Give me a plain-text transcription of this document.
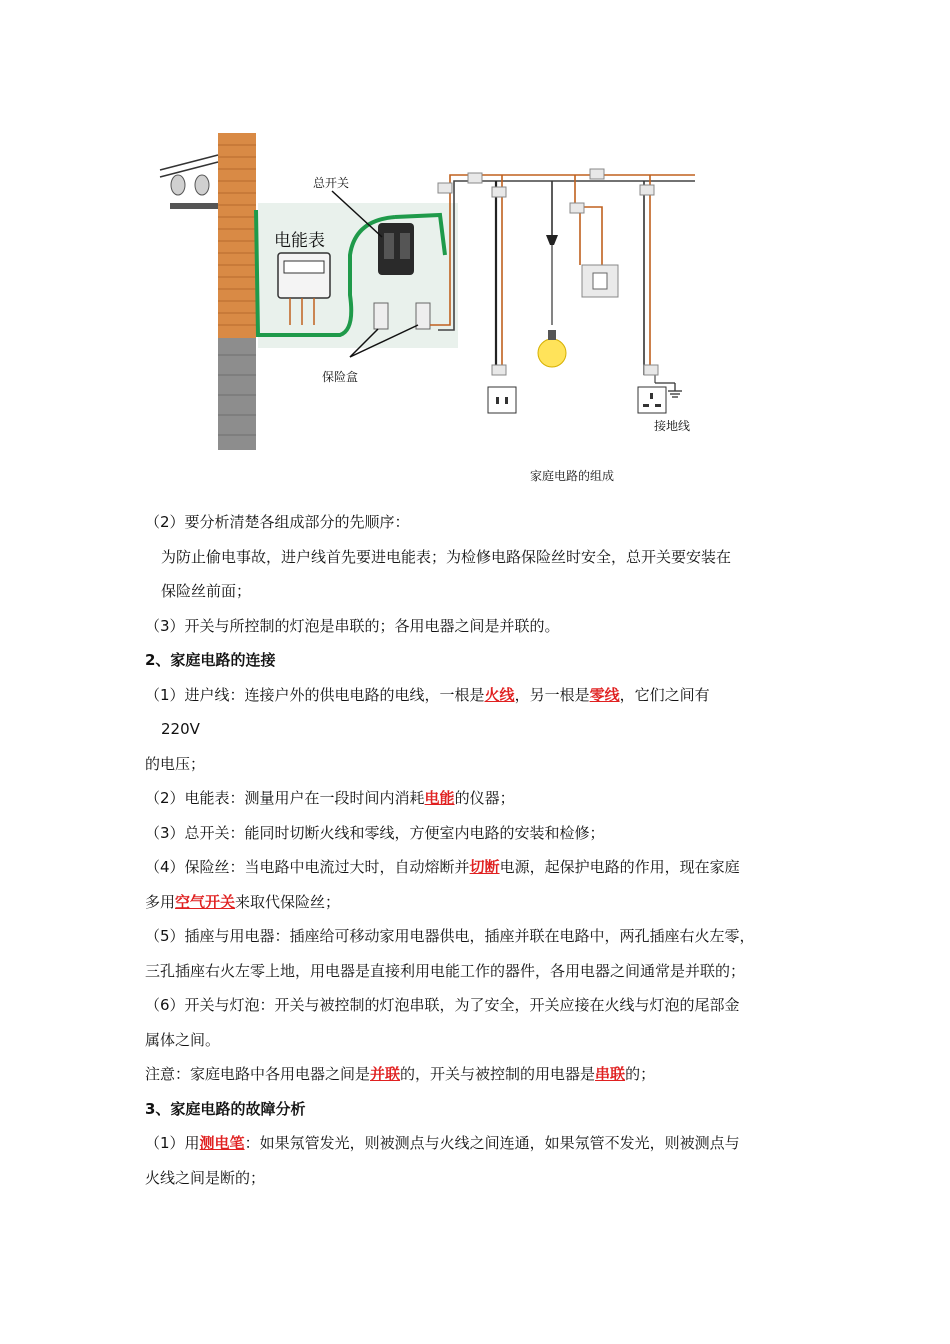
总开关
电能表
保险盒
接地线
家庭电路的组成
（2）要分析清楚各组成部分的先顺序：
为防止偷电事故，进户线首先要进电能表；为检修电路保险丝时安全，总开关要安装在
保险丝前面；
（3）开关与所控制的灯泡是串联的；各用电器之间是并联的。
2、家庭电路的连接
（1）进户线：连接户外的供电电路的电线，一根是火线，另一根是零线，它们之间有
220V
的电压；
（2）电能表：测量用户在一段时间内消耗电能的仪器；
（3）总开关：能同时切断火线和零线，方便室内电路的安装和检修；
（4）保险丝：当电路中电流过大时，自动熔断并切断电源，起保护电路的作用，现在家庭
多用空气开关来取代保险丝；
（5）插座与用电器：插座给可移动家用电器供电，插座并联在电路中，两孔插座右火左零，
三孔插座右火左零上地，用电器是直接利用电能工作的器件，各用电器之间通常是并联的；
（6）开关与灯泡：开关与被控制的灯泡串联，为了安全，开关应接在火线与灯泡的尾部金
属体之间。
注意：家庭电路中各用电器之间是并联的，开关与被控制的用电器是串联的；
3、家庭电路的故障分析
（1）用测电笔：如果氖管发光，则被测点与火线之间连通，如果氖管不发光，则被测点与
火线之间是断的；
